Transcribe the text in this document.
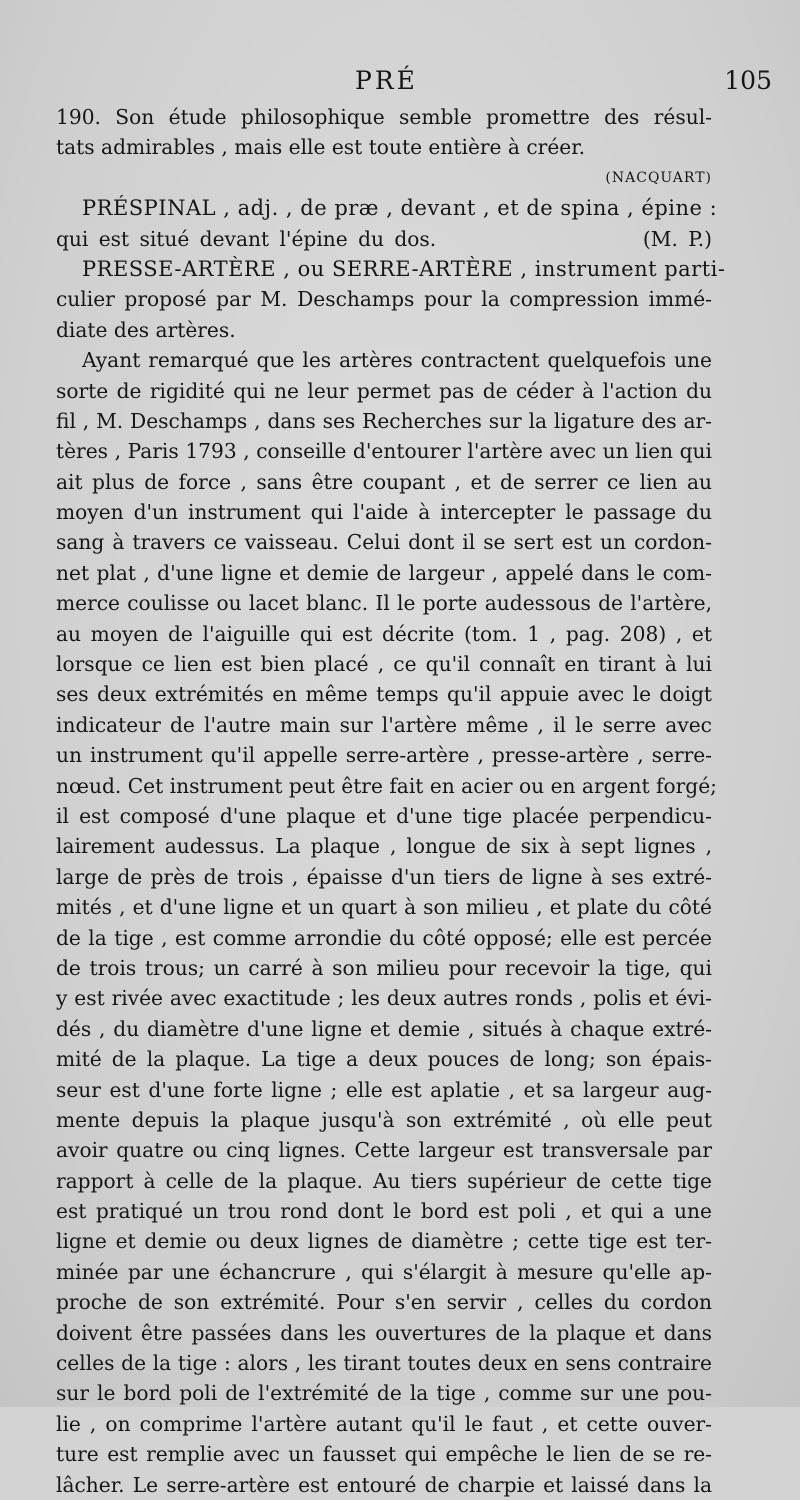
PRÉ	105
190. Son étude philosophique semble promettre des résul-
tats admirables , mais elle est toute entière à créer.
(NACQUART)
PRÉSPINAL , adj. , de præ , devant , et de spina , épine :
qui est situé devant l'épine du dos.                    (M. P.)
PRESSE-ARTÈRE , ou SERRE-ARTÈRE , instrument parti-
culier proposé par M. Deschamps pour la compression immé-
diate des artères.
Ayant remarqué que les artères contractent quelquefois une
sorte de rigidité qui ne leur permet pas de céder à l'action du
fil , M. Deschamps , dans ses Recherches sur la ligature des ar-
tères , Paris 1793 , conseille d'entourer l'artère avec un lien qui
ait plus de force , sans être coupant , et de serrer ce lien au
moyen d'un instrument qui l'aide à intercepter le passage du
sang à travers ce vaisseau. Celui dont il se sert est un cordon-
net plat , d'une ligne et demie de largeur , appelé dans le com-
merce coulisse ou lacet blanc. Il le porte audessous de l'artère,
au moyen de l'aiguille qui est décrite (tom. 1 , pag. 208) , et
lorsque ce lien est bien placé , ce qu'il connaît en tirant à lui
ses deux extrémités en même temps qu'il appuie avec le doigt
indicateur de l'autre main sur l'artère même , il le serre avec
un instrument qu'il appelle serre-artère , presse-artère , serre-
nœud. Cet instrument peut être fait en acier ou en argent forgé;
il est composé d'une plaque et d'une tige placée perpendicu-
lairement audessus. La plaque , longue de six à sept lignes ,
large de près de trois , épaisse d'un tiers de ligne à ses extré-
mités , et d'une ligne et un quart à son milieu , et plate du côté
de la tige , est comme arrondie du côté opposé; elle est percée
de trois trous; un carré à son milieu pour recevoir la tige, qui
y est rivée avec exactitude ; les deux autres ronds , polis et évi-
dés , du diamètre d'une ligne et demie , situés à chaque extré-
mité de la plaque. La tige a deux pouces de long; son épais-
seur est d'une forte ligne ; elle est aplatie , et sa largeur aug-
mente depuis la plaque jusqu'à son extrémité , où elle peut
avoir quatre ou cinq lignes. Cette largeur est transversale par
rapport à celle de la plaque. Au tiers supérieur de cette tige
est pratiqué un trou rond dont le bord est poli , et qui a une
ligne et demie ou deux lignes de diamètre ; cette tige est ter-
minée par une échancrure , qui s'élargit à mesure qu'elle ap-
proche de son extrémité. Pour s'en servir , celles du cordon
doivent être passées dans les ouvertures de la plaque et dans
celles de la tige : alors , les tirant toutes deux en sens contraire
sur le bord poli de l'extrémité de la tige , comme sur une pou-
lie , on comprime l'artère autant qu'il le faut , et cette ouver-
ture est remplie avec un fausset qui empêche le lien de se re-
lâcher. Le serre-artère est entouré de charpie et laissé dans la
